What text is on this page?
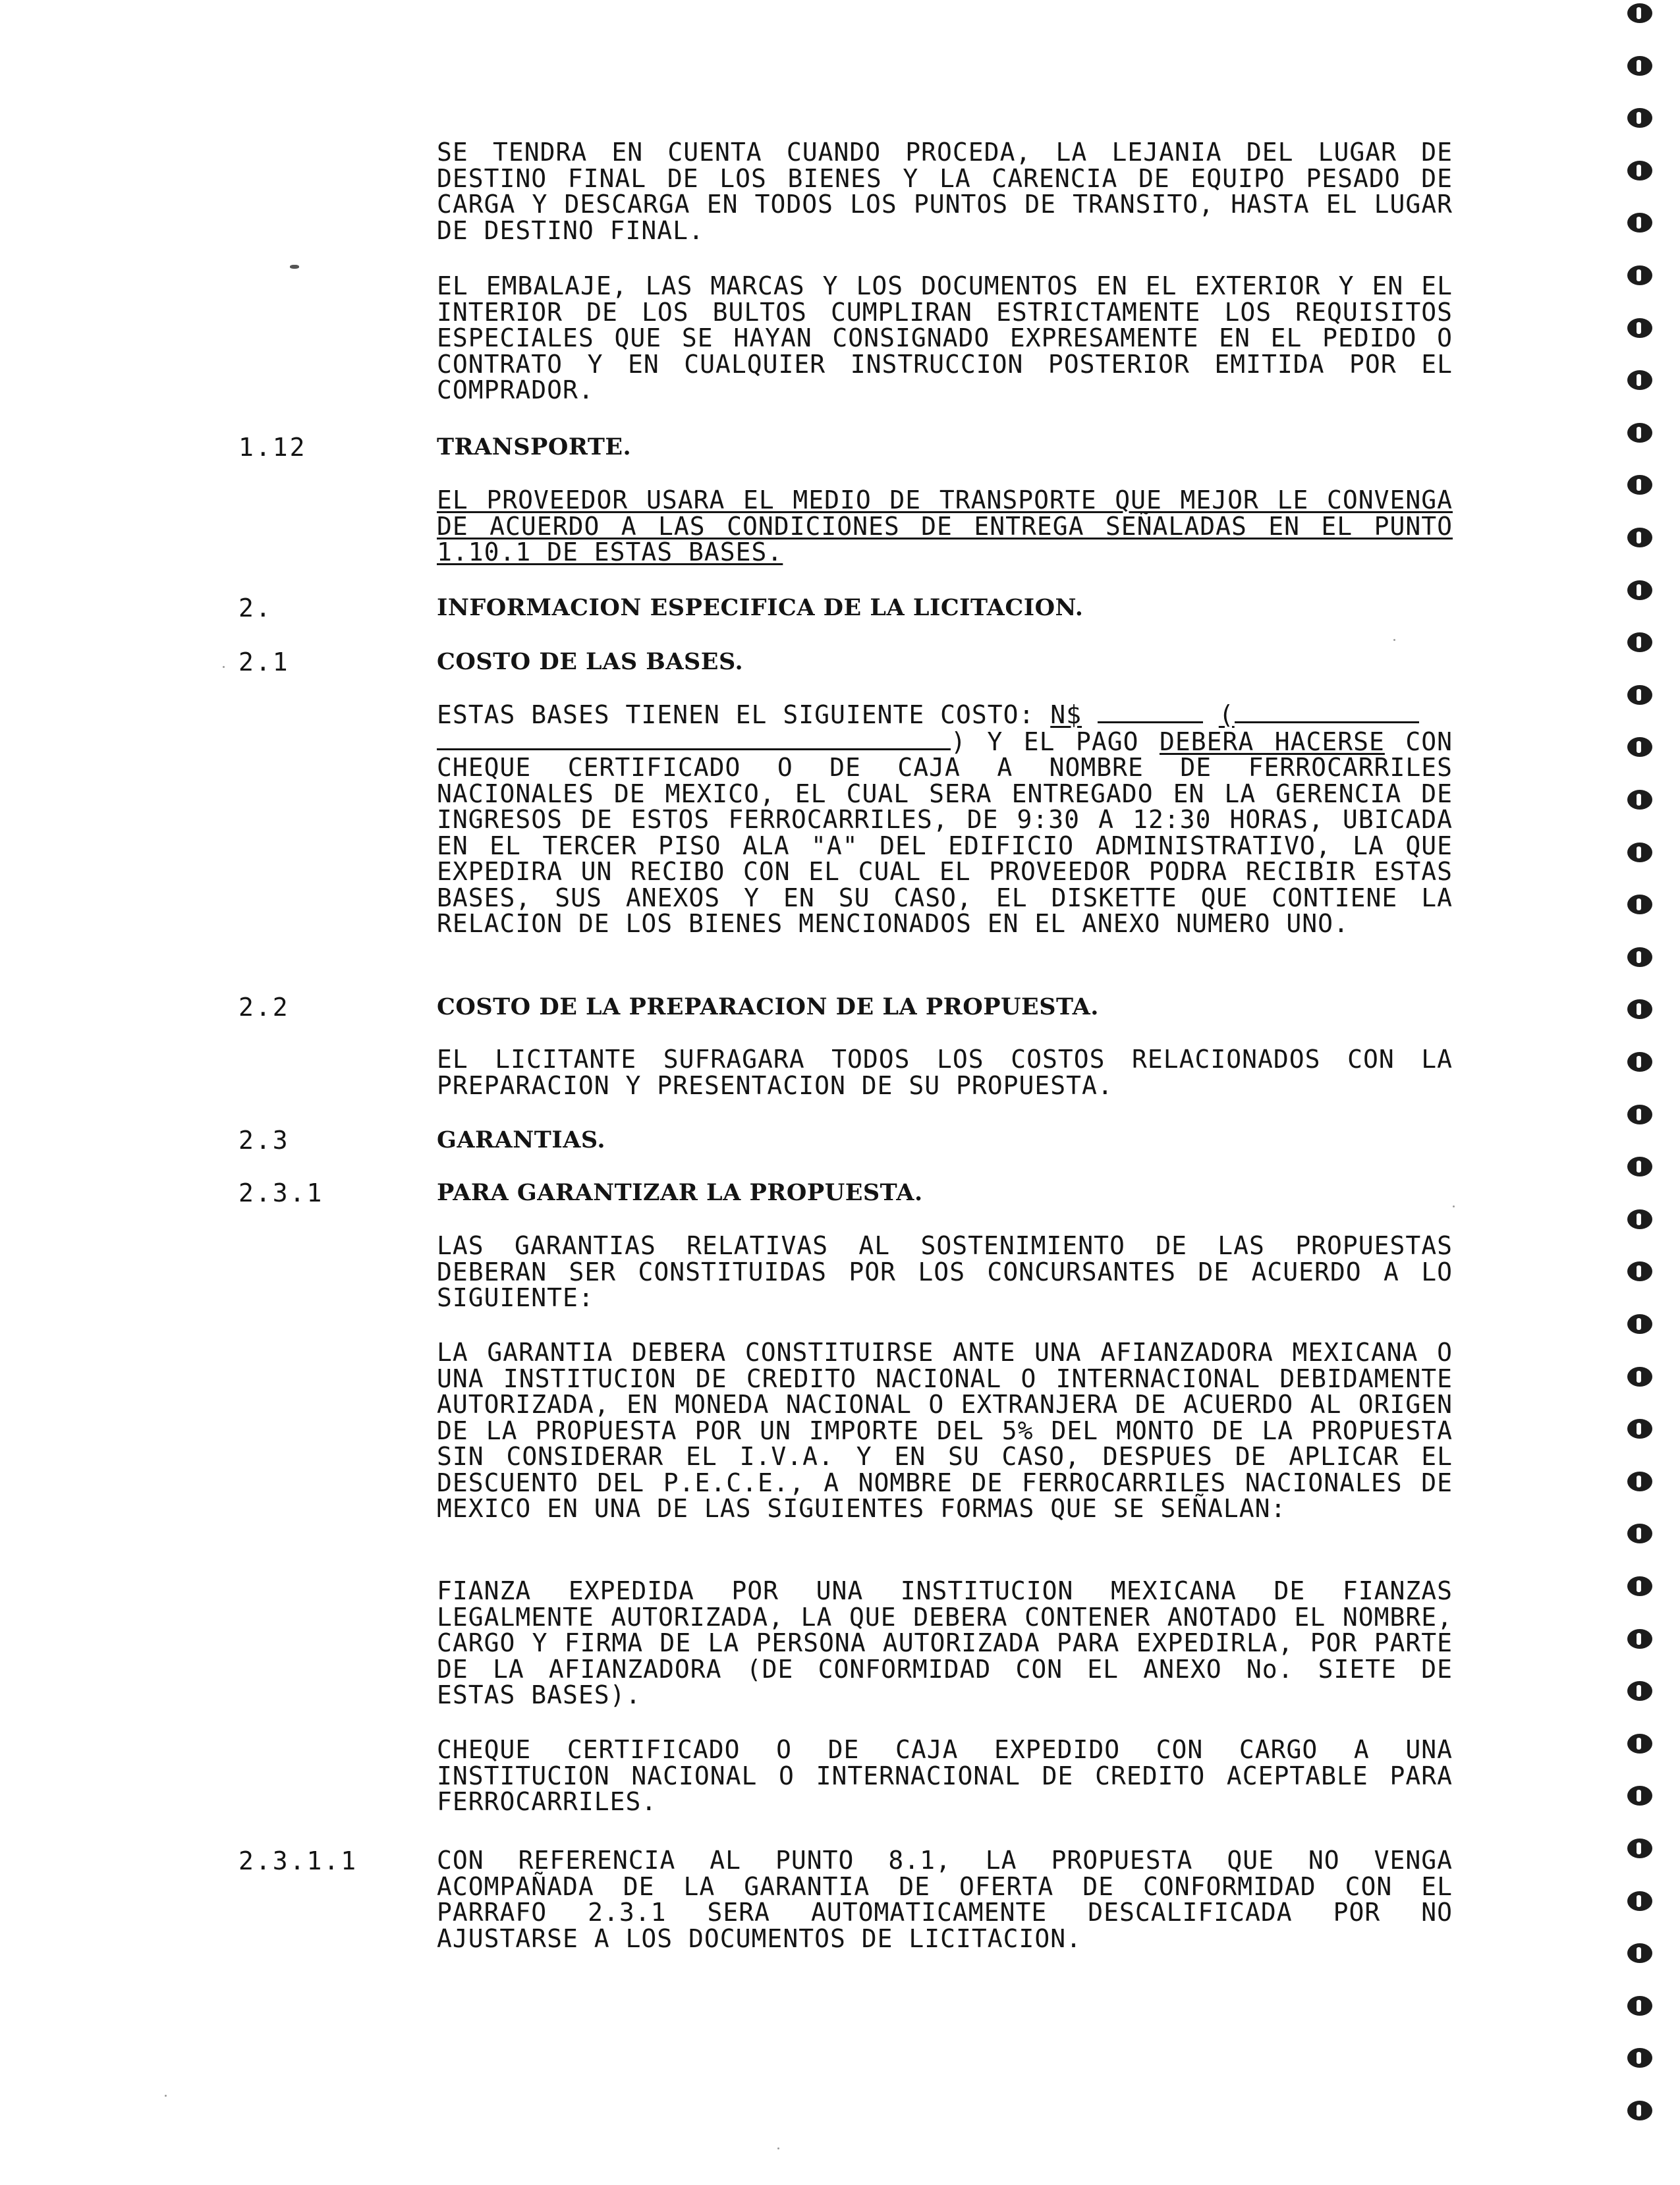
SE TENDRA EN CUENTA CUANDO PROCEDA, LA LEJANIA DEL LUGAR DE DESTINO FINAL DE LOS BIENES Y LA CARENCIA DE EQUIPO PESADO DE CARGA Y DESCARGA EN TODOS LOS PUNTOS DE TRANSITO, HASTA EL LUGAR DE DESTINO FINAL.

EL EMBALAJE, LAS MARCAS Y LOS DOCUMENTOS EN EL EXTERIOR Y EN EL INTERIOR DE LOS BULTOS CUMPLIRAN ESTRICTAMENTE LOS REQUISITOS ESPECIALES QUE SE HAYAN CONSIGNADO EXPRESAMENTE EN EL PEDIDO O CONTRATO Y EN CUALQUIER INSTRUCCION POSTERIOR EMITIDA POR EL COMPRADOR.

1.12	TRANSPORTE.

EL PROVEEDOR USARA EL MEDIO DE TRANSPORTE QUE MEJOR LE CONVENGA DE ACUERDO A LAS CONDICIONES DE ENTREGA SEÑALADAS EN EL PUNTO 1.10.1 DE ESTAS BASES.

2.	INFORMACION ESPECIFICA DE LA LICITACION.
2.1	COSTO DE LAS BASES.
ESTAS BASES TIENEN EL SIGUIENTE COSTO: N$	(
) Y EL PAGO DEBERA HACERSE CON CHEQUE CERTIFICADO O DE CAJA A NOMBRE DE FERROCARRILES NACIONALES DE MEXICO, EL CUAL SERA ENTREGADO EN LA GERENCIA DE INGRESOS DE ESTOS FERROCARRILES, DE 9:30 A 12:30 HORAS, UBICADA EN EL TERCER PISO ALA "A" DEL EDIFICIO ADMINISTRATIVO, LA QUE EXPEDIRA UN RECIBO CON EL CUAL EL PROVEEDOR PODRA RECIBIR ESTAS BASES, SUS ANEXOS Y EN SU CASO, EL DISKETTE QUE CONTIENE LA RELACION DE LOS BIENES MENCIONADOS EN EL ANEXO NUMERO UNO.
2.2	COSTO DE LA PREPARACION DE LA PROPUESTA.

EL LICITANTE SUFRAGARA TODOS LOS COSTOS RELACIONADOS CON LA PREPARACION Y PRESENTACION DE SU PROPUESTA.

2.3	GARANTIAS.
2.3.1	PARA GARANTIZAR LA PROPUESTA.

LAS GARANTIAS RELATIVAS AL SOSTENIMIENTO DE LAS PROPUESTAS DEBERAN SER CONSTITUIDAS POR LOS CONCURSANTES DE ACUERDO A LO SIGUIENTE:

LA GARANTIA DEBERA CONSTITUIRSE ANTE UNA AFIANZADORA MEXICANA O UNA INSTITUCION DE CREDITO NACIONAL O INTERNACIONAL DEBIDAMENTE AUTORIZADA, EN MONEDA NACIONAL O EXTRANJERA DE ACUERDO AL ORIGEN DE LA PROPUESTA POR UN IMPORTE DEL 5% DEL MONTO DE LA PROPUESTA SIN CONSIDERAR EL I.V.A. Y EN SU CASO, DESPUES DE APLICAR EL DESCUENTO DEL P.E.C.E., A NOMBRE DE FERROCARRILES NACIONALES DE MEXICO EN UNA DE LAS SIGUIENTES FORMAS QUE SE SEÑALAN:

FIANZA EXPEDIDA POR UNA INSTITUCION MEXICANA DE FIANZAS LEGALMENTE AUTORIZADA, LA QUE DEBERA CONTENER ANOTADO EL NOMBRE, CARGO Y FIRMA DE LA PERSONA AUTORIZADA PARA EXPEDIRLA, POR PARTE DE LA AFIANZADORA (DE CONFORMIDAD CON EL ANEXO No. SIETE DE ESTAS BASES).

CHEQUE CERTIFICADO O DE CAJA EXPEDIDO CON CARGO A UNA INSTITUCION NACIONAL O INTERNACIONAL DE CREDITO ACEPTABLE PARA FERROCARRILES.

2.3.1.1	CON REFERENCIA AL PUNTO 8.1, LA PROPUESTA QUE NO VENGA ACOMPAÑADA DE LA GARANTIA DE OFERTA DE CONFORMIDAD CON EL PARRAFO 2.3.1 SERA AUTOMATICAMENTE DESCALIFICADA POR NO AJUSTARSE A LOS DOCUMENTOS DE LICITACION.
